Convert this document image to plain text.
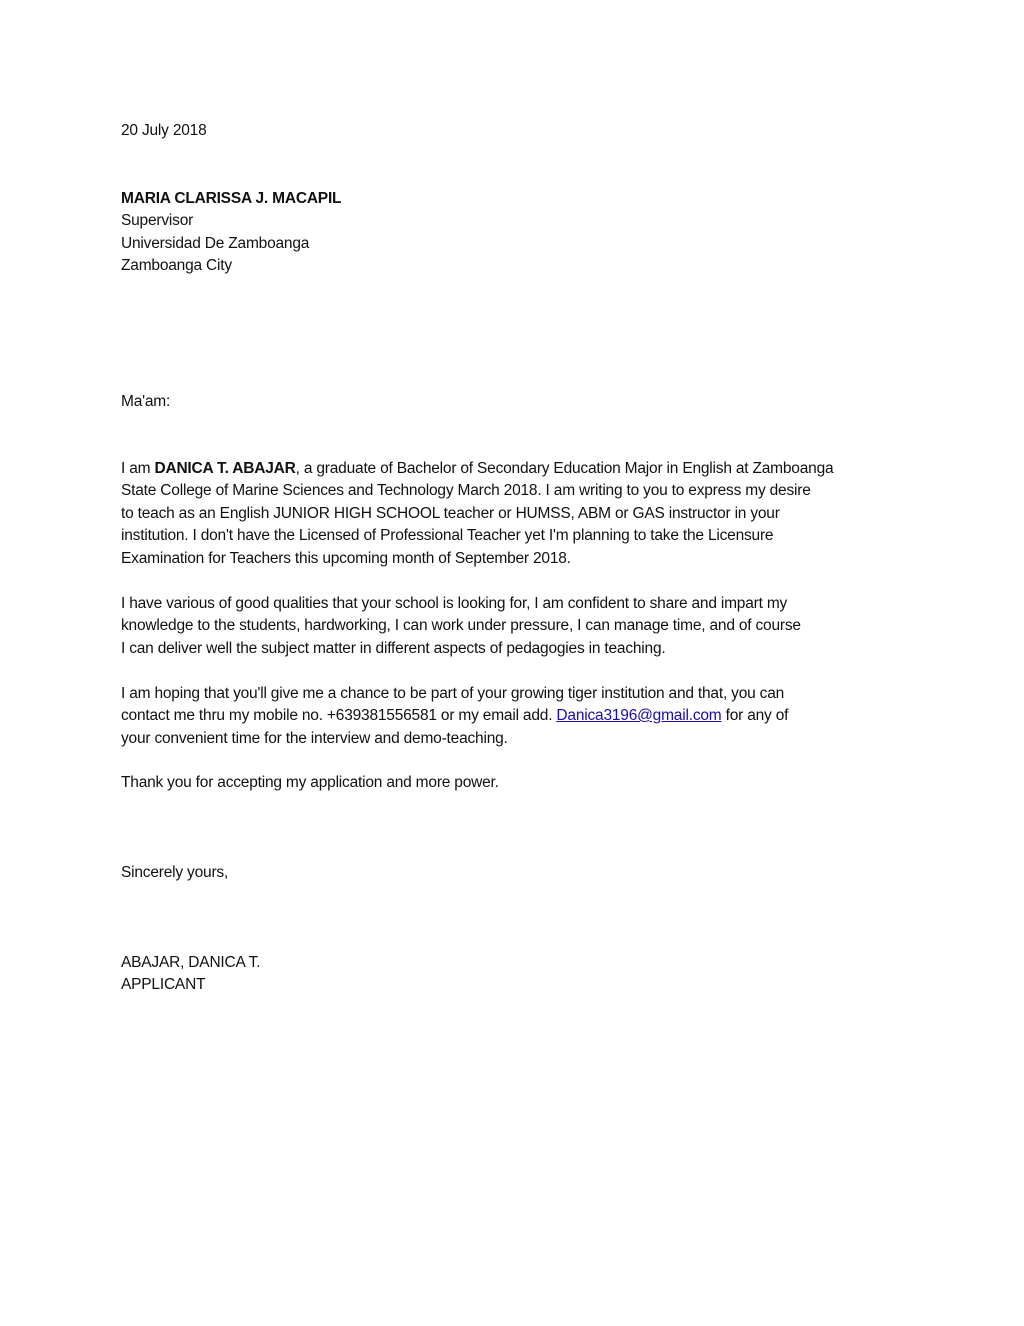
20 July 2018
MARIA CLARISSA J. MACAPIL
Supervisor
Universidad De Zamboanga
Zamboanga City
Ma'am:
I am DANICA T. ABAJAR, a graduate of Bachelor of Secondary Education Major in English at Zamboanga
State College of Marine Sciences and Technology March 2018. I am writing to you to express my desire
to teach as an English JUNIOR HIGH SCHOOL teacher or HUMSS, ABM or GAS instructor in your
institution. I don't have the Licensed of Professional Teacher yet I'm planning to take the Licensure
Examination for Teachers this upcoming month of September 2018.
I have various of good qualities that your school is looking for, I am confident to share and impart my
knowledge to the students, hardworking, I can work under pressure, I can manage time, and of course
I can deliver well the subject matter in different aspects of pedagogies in teaching.
I am hoping that you'll give me a chance to be part of your growing tiger institution and that, you can
contact me thru my mobile no. +639381556581 or my email add. Danica3196@gmail.com for any of
your convenient time for the interview and demo-teaching.
Thank you for accepting my application and more power.
Sincerely yours,
ABAJAR, DANICA T.
APPLICANT
